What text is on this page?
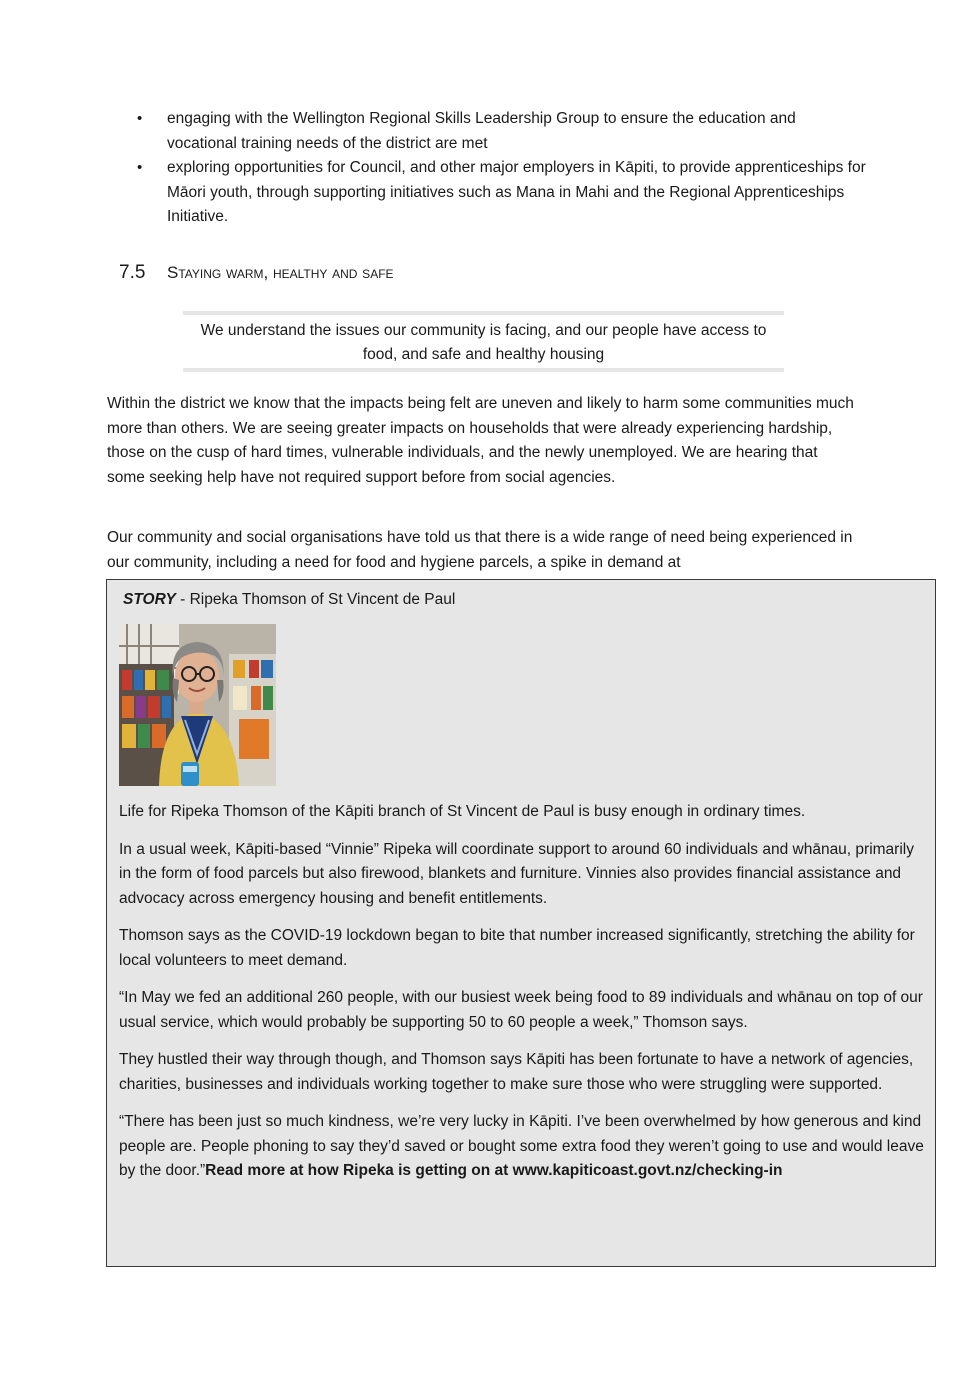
• engaging with the Wellington Regional Skills Leadership Group to ensure the education and vocational training needs of the district are met
• exploring opportunities for Council, and other major employers in Kāpiti, to provide apprenticeships for Māori youth, through supporting initiatives such as Mana in Mahi and the Regional Apprenticeships Initiative.
7.5 Staying warm, healthy and safe
We understand the issues our community is facing, and our people have access to food, and safe and healthy housing

Within the district we know that the impacts being felt are uneven and likely to harm some communities much more than others. We are seeing greater impacts on households that were already experiencing hardship, those on the cusp of hard times, vulnerable individuals, and the newly unemployed. We are hearing that some seeking help have not required support before from social agencies.

Our community and social organisations have told us that there is a wide range of need being experienced in our community, including a need for food and hygiene parcels, a spike in demand at

STORY - Ripeka Thomson of St Vincent de Paul

Life for Ripeka Thomson of the Kāpiti branch of St Vincent de Paul is busy enough in ordinary times.

In a usual week, Kāpiti-based “Vinnie” Ripeka will coordinate support to around 60 individuals and whānau, primarily in the form of food parcels but also firewood, blankets and furniture. Vinnies also provides financial assistance and advocacy across emergency housing and benefit entitlements.

Thomson says as the COVID-19 lockdown began to bite that number increased significantly, stretching the ability for local volunteers to meet demand.

“In May we fed an additional 260 people, with our busiest week being food to 89 individuals and whānau on top of our usual service, which would probably be supporting 50 to 60 people a week,” Thomson says.

They hustled their way through though, and Thomson says Kāpiti has been fortunate to have a network of agencies, charities, businesses and individuals working together to make sure those who were struggling were supported.

“There has been just so much kindness, we’re very lucky in Kāpiti. I’ve been overwhelmed by how generous and kind people are. People phoning to say they’d saved or bought some extra food they weren’t going to use and would leave by the door.”Read more at how Ripeka is getting on at www.kapiticoast.govt.nz/checking-in
